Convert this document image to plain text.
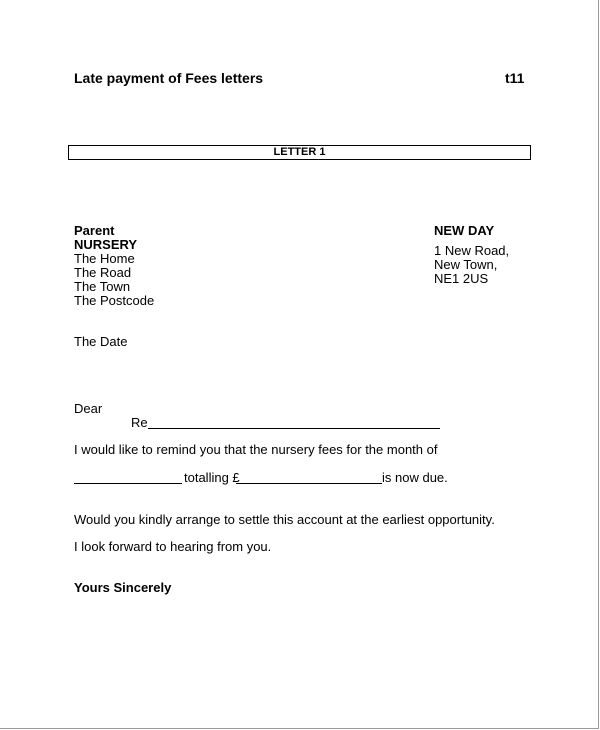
Late payment of Fees letters	t11
LETTER 1
Parent
NURSERY
The Home
The Road
The Town
The Postcode
NEW DAY
1 New Road,
New Town,
NE1 2US
The Date
Dear
Re
I would like to remind you that the nursery fees for the month of
totalling £	is now due.
Would you kindly arrange to settle this account at the earliest opportunity.
I look forward to hearing from you.
Yours Sincerely
